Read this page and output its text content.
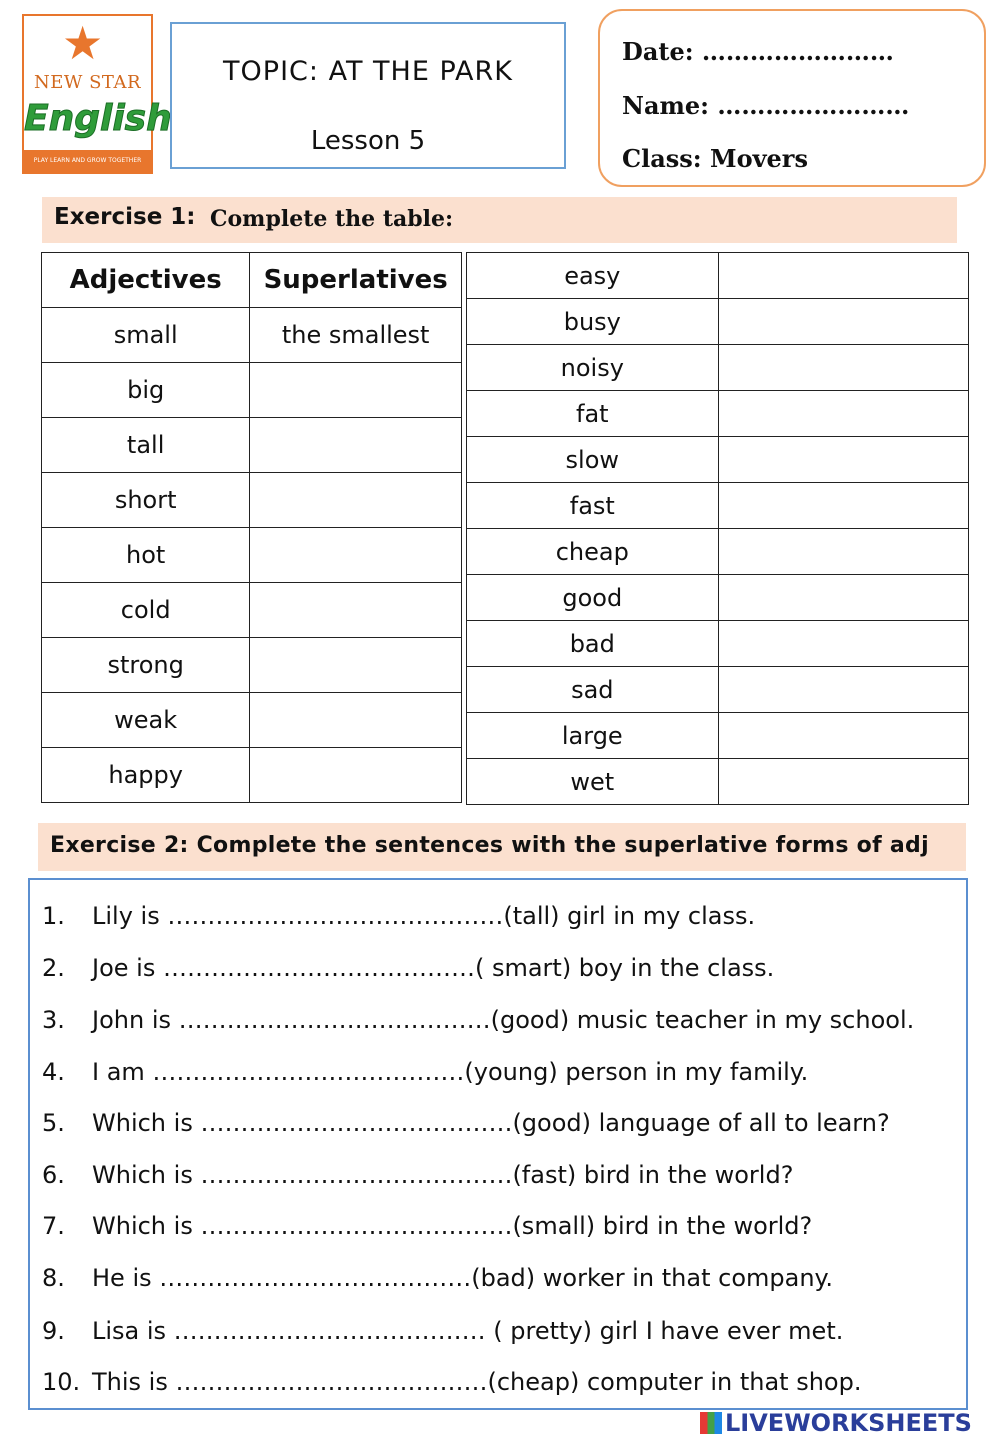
★
NEW STAR
English
PLAY LEARN AND GROW TOGETHER
TOPIC: AT THE PARK
Lesson 5
Date: ……………………
Name: ……………………
Class: Movers
Exercise 1: Complete the table:
Adjectives	Superlatives
small	the smallest
big	
tall	
short	
hot	
cold	
strong	
weak	
happy	
easy	
busy	
noisy	
fat	
slow	
fast	
cheap	
good	
bad	
sad	
large	
wet	
Exercise 2: Complete the sentences with the superlative forms of adj
1. Lily is ……………………………………(tall) girl in my class.
2. Joe is …………………………………( smart) boy in the class.
3. John is …………………………………(good) music teacher in my school.
4. I am …………………………………(young) person in my family.
5. Which is …………………………………(good) language of all to learn?
6. Which is …………………………………(fast) bird in the world?
7. Which is …………………………………(small) bird in the world?
8. He is …………………………………(bad) worker in that company.
9. Lisa is ………………………………… ( pretty) girl I have ever met.
10. This is …………………………………(cheap) computer in that shop.
LIVEWORKSHEETS
